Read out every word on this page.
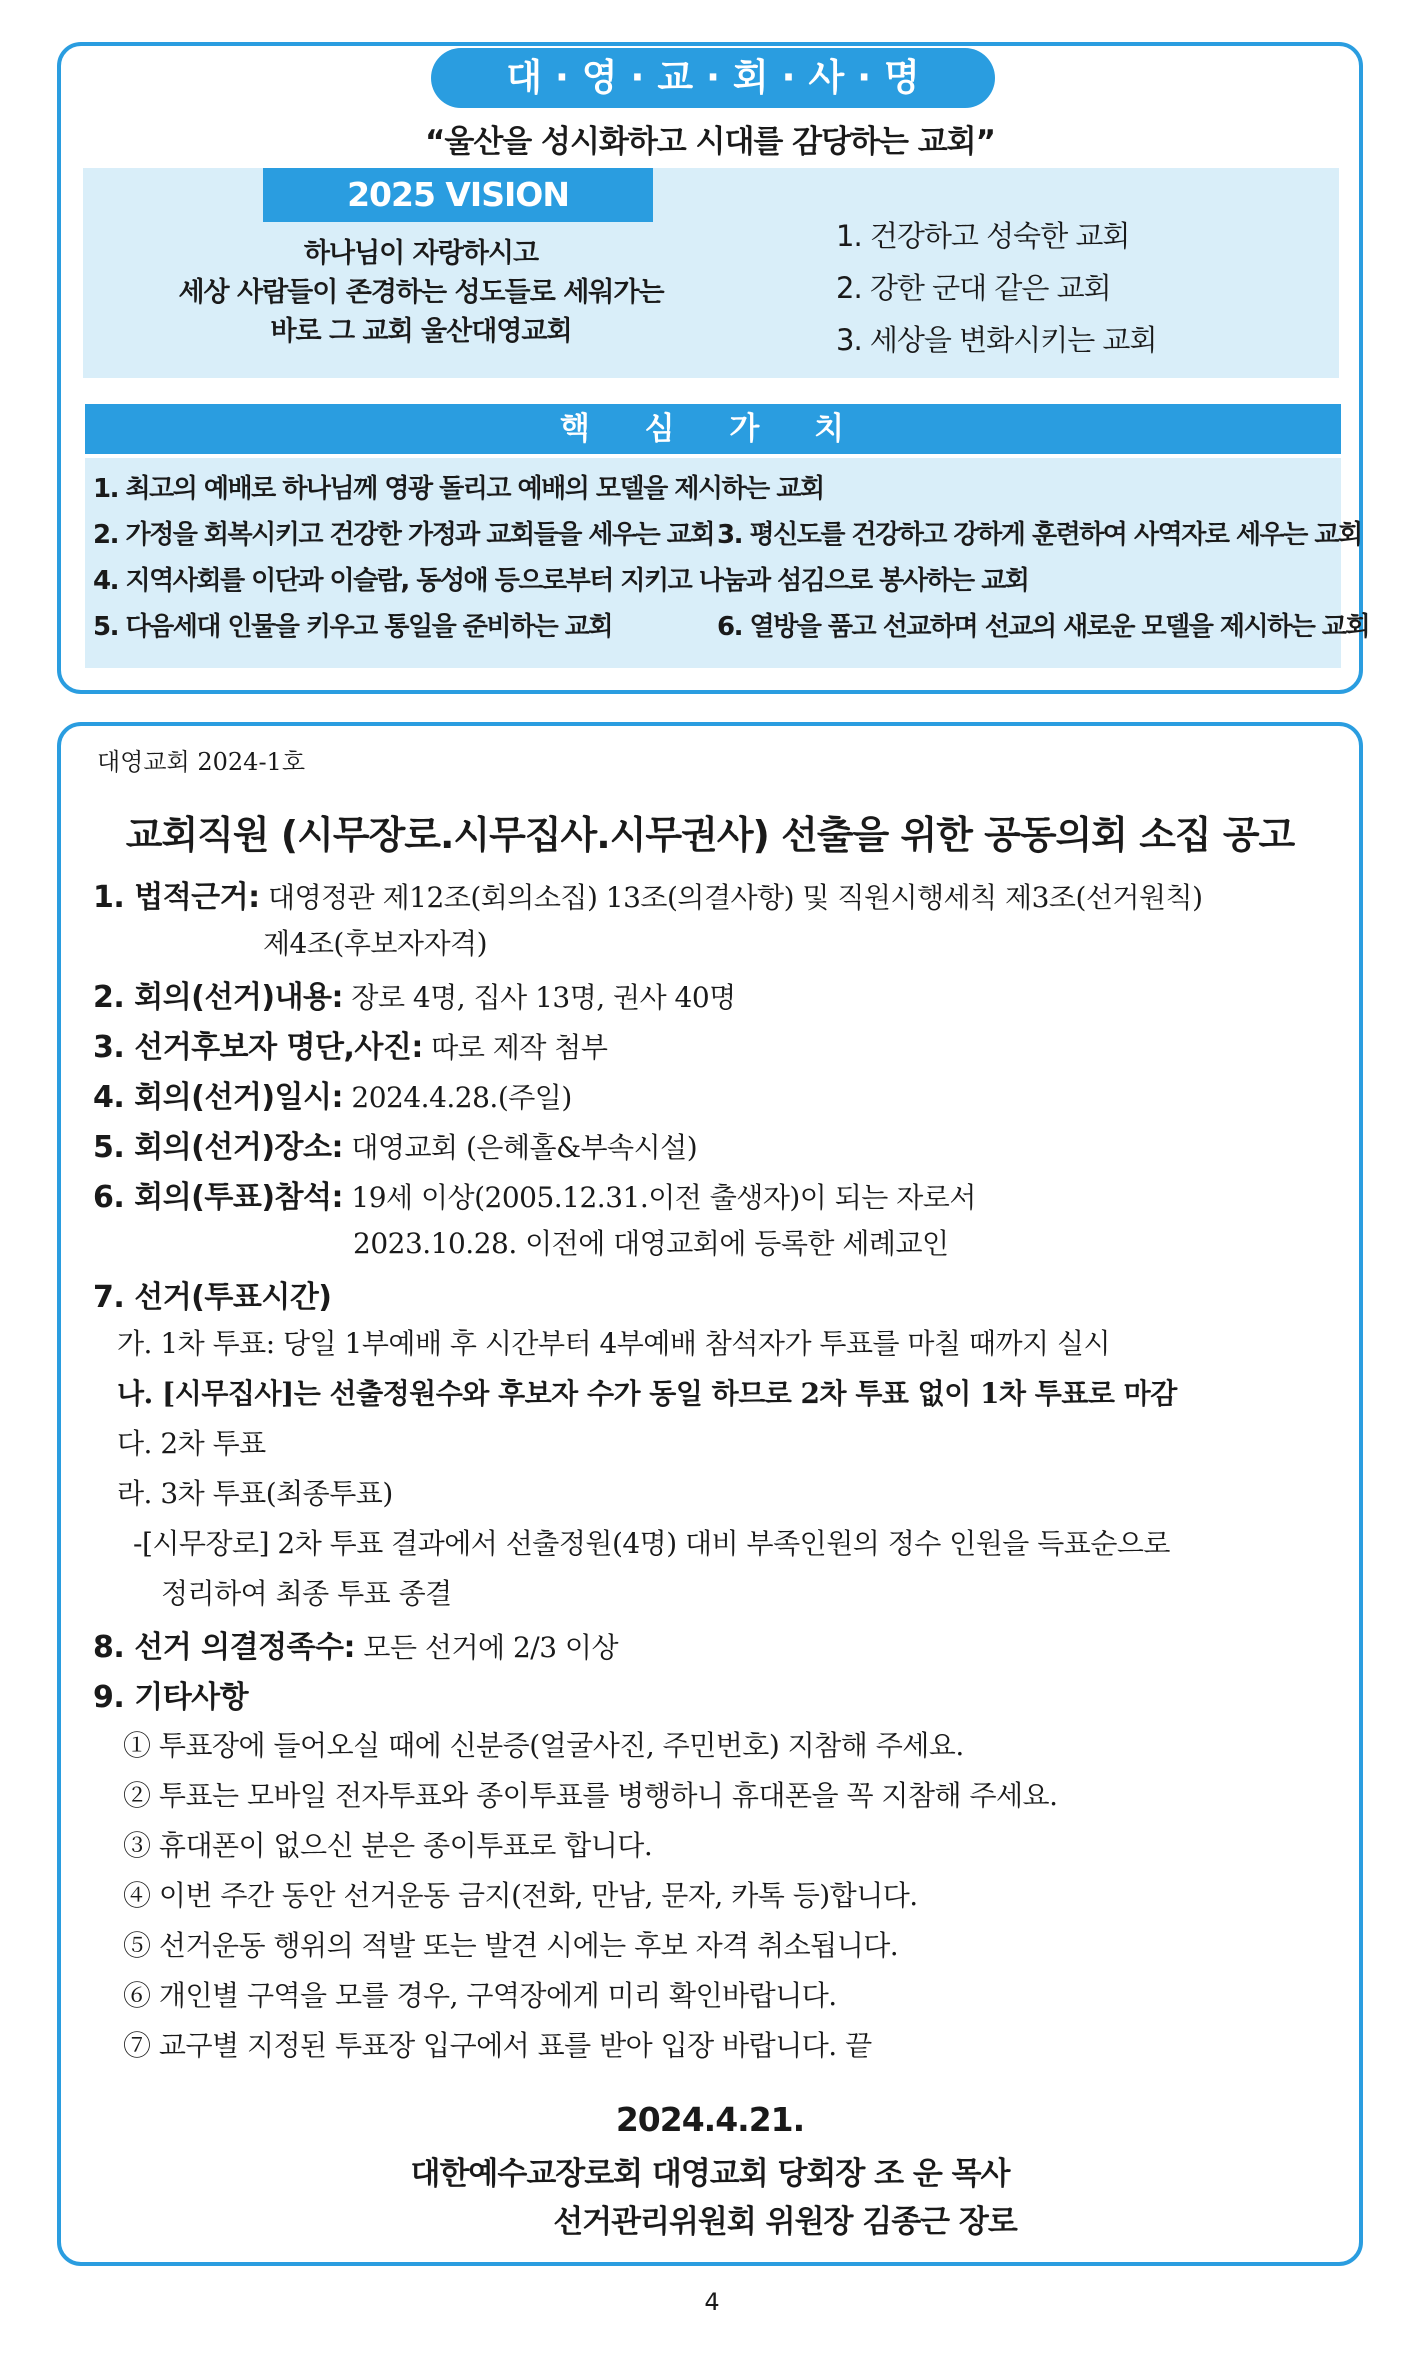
대 · 영 · 교 · 회 · 사 · 명
“울산을 성시화하고 시대를 감당하는 교회”
2025 VISION
하나님이 자랑하시고
세상 사람들이 존경하는 성도들로 세워가는
바로 그 교회 울산대영교회
1. 건강하고 성숙한 교회
2. 강한 군대 같은 교회
3. 세상을 변화시키는 교회
핵 심 가 치
1. 최고의 예배로 하나님께 영광 돌리고 예배의 모델을 제시하는 교회
2. 가정을 회복시키고 건강한 가정과 교회들을 세우는 교회 3. 평신도를 건강하고 강하게 훈련하여 사역자로 세우는 교회
4. 지역사회를 이단과 이슬람, 동성애 등으로부터 지키고 나눔과 섬김으로 봉사하는 교회
5. 다음세대 인물을 키우고 통일을 준비하는 교회	6. 열방을 품고 선교하며 선교의 새로운 모델을 제시하는 교회
대영교회 2024-1호
교회직원 (시무장로.시무집사.시무권사) 선출을 위한 공동의회 소집 공고
1. 법적근거: 대영정관 제12조(회의소집) 13조(의결사항) 및 직원시행세칙 제3조(선거원칙)
제4조(후보자자격)
2. 회의(선거)내용: 장로 4명, 집사 13명, 권사 40명
3. 선거후보자 명단,사진: 따로 제작 첨부
4. 회의(선거)일시: 2024.4.28.(주일)
5. 회의(선거)장소: 대영교회 (은혜홀&부속시설)
6. 회의(투표)참석: 19세 이상(2005.12.31.이전 출생자)이 되는 자로서
2023.10.28. 이전에 대영교회에 등록한 세례교인
7. 선거(투표시간)
가. 1차 투표: 당일 1부예배 후 시간부터 4부예배 참석자가 투표를 마칠 때까지 실시
나. [시무집사]는 선출정원수와 후보자 수가 동일 하므로 2차 투표 없이 1차 투표로 마감
다. 2차 투표
라. 3차 투표(최종투표)
-[시무장로] 2차 투표 결과에서 선출정원(4명) 대비 부족인원의 정수 인원을 득표순으로
정리하여 최종 투표 종결
8. 선거 의결정족수: 모든 선거에 2/3 이상
9. 기타사항
① 투표장에 들어오실 때에 신분증(얼굴사진, 주민번호) 지참해 주세요.
② 투표는 모바일 전자투표와 종이투표를 병행하니 휴대폰을 꼭 지참해 주세요.
③ 휴대폰이 없으신 분은 종이투표로 합니다.
④ 이번 주간 동안 선거운동 금지(전화, 만남, 문자, 카톡 등)합니다.
⑤ 선거운동 행위의 적발 또는 발견 시에는 후보 자격 취소됩니다.
⑥ 개인별 구역을 모를 경우, 구역장에게 미리 확인바랍니다.
⑦ 교구별 지정된 투표장 입구에서 표를 받아 입장 바랍니다. 끝
2024.4.21.
대한예수교장로회 대영교회 당회장 조 운 목사
선거관리위원회 위원장 김종근 장로
4
